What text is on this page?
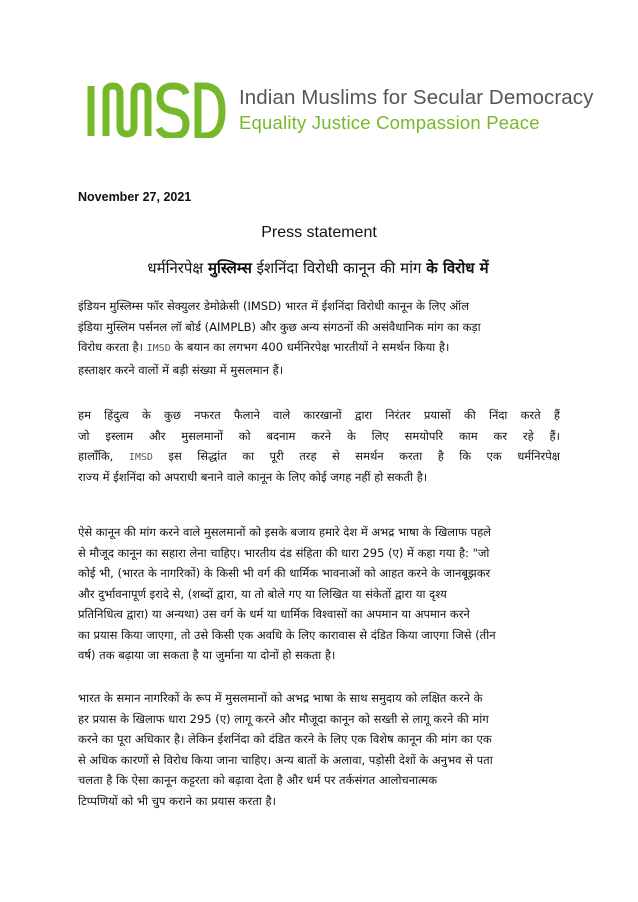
Indian Muslims for Secular Democracy
Equality Justice Compassion Peace
November 27, 2021
Press statement
धर्मनिरपेक्ष मुस्लिम्स ईशनिंदा विरोधी कानून की मांग के विरोध में
इंडियन मुस्लिम्स फॉर सेक्युलर डेमोक्रेसी (IMSD) भारत में ईशनिंदा विरोधी कानून के लिए ऑल
इंडिया मुस्लिम पर्सनल लॉ बोर्ड (AIMPLB) और कुछ अन्य संगठनों की असंवैधानिक मांग का कड़ा
विरोध करता है। IMSD के बयान का लगभग 400 धर्मनिरपेक्ष भारतीयों ने समर्थन किया है।
हस्ताक्षर करने वालों में बड़ी संख्या में मुसलमान हैं।
हम हिंदुत्व के कुछ नफरत फैलाने वाले कारखानों द्वारा निरंतर प्रयासों की निंदा करते हैं
जो इस्लाम और मुसलमानों को बदनाम करने के लिए समयोपरि काम कर रहे हैं।
हालाँकि, IMSD इस सिद्धांत का पूरी तरह से समर्थन करता है कि एक धर्मनिरपेक्ष
राज्य में ईशनिंदा को अपराधी बनाने वाले कानून के लिए कोई जगह नहीं हो सकती है।
ऐसे कानून की मांग करने वाले मुसलमानों को इसके बजाय हमारे देश में अभद्र भाषा के खिलाफ पहले
से मौजूद कानून का सहारा लेना चाहिए। भारतीय दंड संहिता की धारा 295 (ए) में कहा गया है: "जो
कोई भी, (भारत के नागरिकों) के किसी भी वर्ग की धार्मिक भावनाओं को आहत करने के जानबूझकर
और दुर्भावनापूर्ण इरादे से, (शब्दों द्वारा, या तो बोले गए या लिखित या संकेतों द्वारा या दृश्य
प्रतिनिधित्व द्वारा) या अन्यथा) उस वर्ग के धर्म या धार्मिक विश्वासों का अपमान या अपमान करने
का प्रयास किया जाएगा, तो उसे किसी एक अवधि के लिए कारावास से दंडित किया जाएगा जिसे (तीन
वर्ष) तक बढ़ाया जा सकता है या जुर्माना या दोनों हो सकता है।
भारत के समान नागरिकों के रूप में मुसलमानों को अभद्र भाषा के साथ समुदाय को लक्षित करने के
हर प्रयास के खिलाफ धारा 295 (ए) लागू करने और मौजूदा कानून को सख्ती से लागू करने की मांग
करने का पूरा अधिकार है। लेकिन ईशनिंदा को दंडित करने के लिए एक विशेष कानून की मांग का एक
से अधिक कारणों से विरोध किया जाना चाहिए। अन्य बातों के अलावा, पड़ोसी देशों के अनुभव से पता
चलता है कि ऐसा कानून कट्टरता को बढ़ावा देता है और धर्म पर तर्कसंगत आलोचनात्मक
टिप्पणियों को भी चुप कराने का प्रयास करता है।
